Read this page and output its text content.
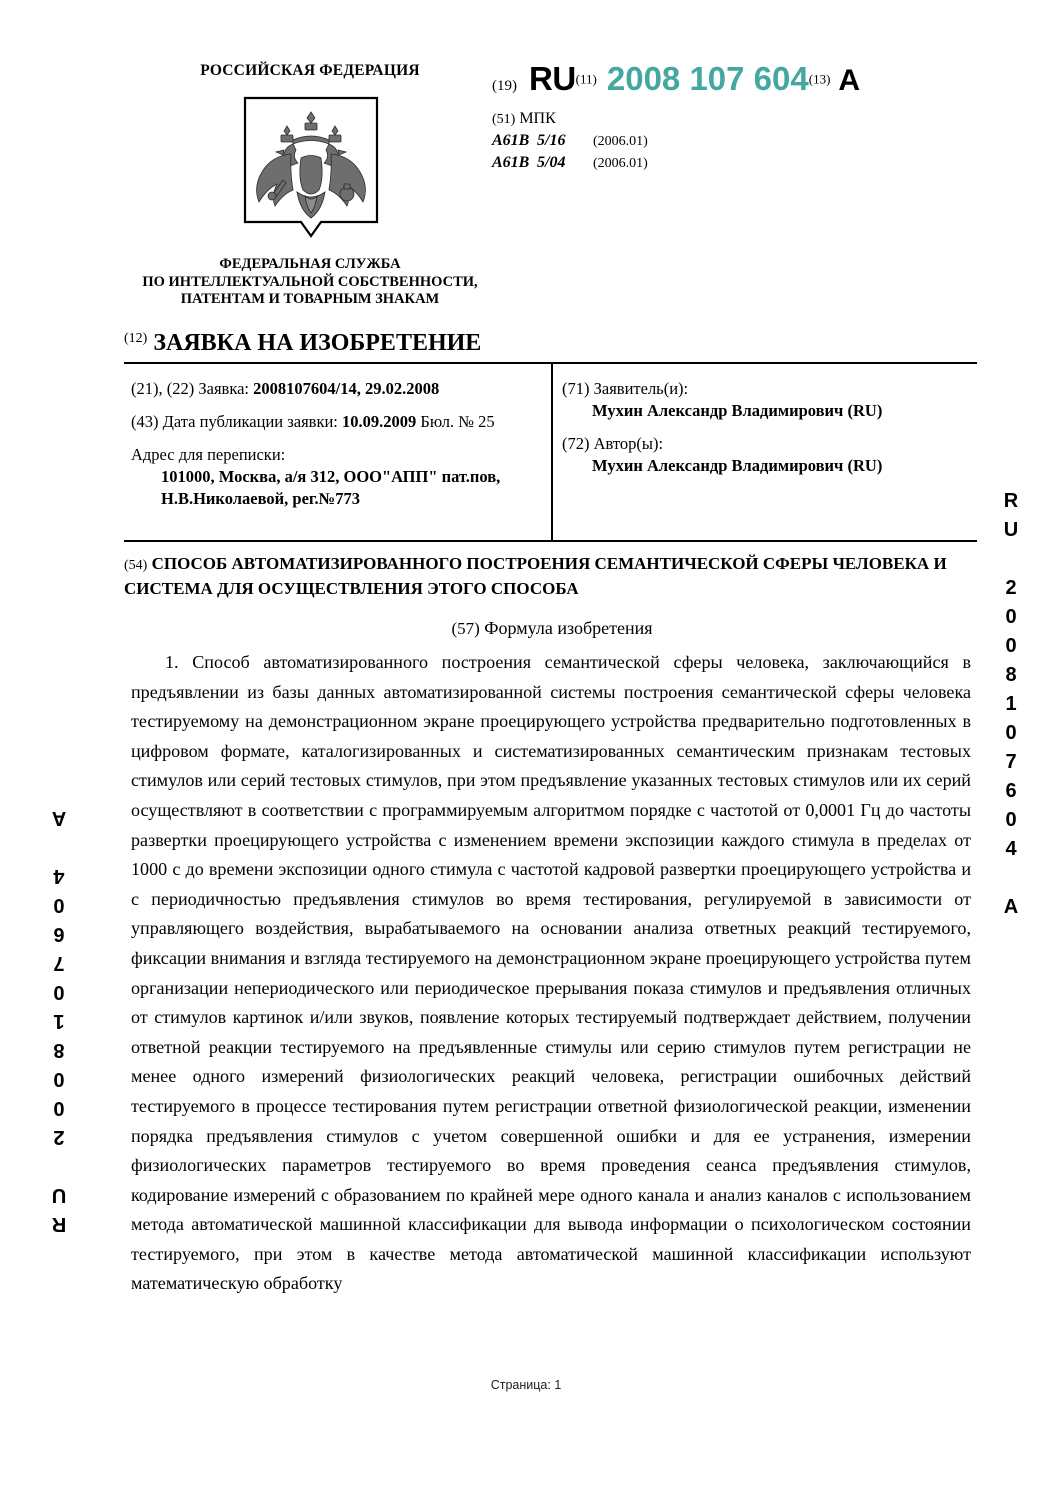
РОССИЙСКАЯ ФЕДЕРАЦИЯ
ФЕДЕРАЛЬНАЯ СЛУЖБА
ПО ИНТЕЛЛЕКТУАЛЬНОЙ СОБСТВЕННОСТИ,
ПАТЕНТАМ И ТОВАРНЫМ ЗНАКАМ
(19) RU$^{(11)}$ 2008 107 604$^{(13)}$ A
(51) МПК
A61B 5/16 (2006.01)
A61B 5/04 (2006.01)
$^{(12)}$ ЗАЯВКА НА ИЗОБРЕТЕНИЕ
(21), (22) Заявка: 2008107604/14, 29.02.2008
(43) Дата публикации заявки: 10.09.2009 Бюл. № 25
Адрес для переписки:
101000, Москва, а/я 312, ООО"АПП" пат.пов,
Н.В.Николаевой, рег.№773
(71) Заявитель(и):
Мухин Александр Владимирович (RU)
(72) Автор(ы):
Мухин Александр Владимирович (RU)
(54) СПОСОБ АВТОМАТИЗИРОВАННОГО ПОСТРОЕНИЯ СЕМАНТИЧЕСКОЙ СФЕРЫ ЧЕЛОВЕКА И СИСТЕМА ДЛЯ ОСУЩЕСТВЛЕНИЯ ЭТОГО СПОСОБА
(57) Формула изобретения

1. Способ автоматизированного построения семантической сферы человека, заключающийся в предъявлении из базы данных автоматизированной системы построения семантической сферы человека тестируемому на демонстрационном экране проецирующего устройства предварительно подготовленных в цифровом формате, каталогизированных и систематизированных семантическим признакам тестовых стимулов или серий тестовых стимулов, при этом предъявление указанных тестовых стимулов или их серий осуществляют в соответствии с программируемым алгоритмом порядке с частотой от 0,0001 Гц до частоты развертки проецирующего устройства с изменением времени экспозиции каждого стимула в пределах от 1000 с до времени экспозиции одного стимула с частотой кадровой развертки проецирующего устройства и с периодичностью предъявления стимулов во время тестирования, регулируемой в зависимости от управляющего воздействия, вырабатываемого на основании анализа ответных реакций тестируемого, фиксации внимания и взгляда тестируемого на демонстрационном экране проецирующего устройства путем организации непериодического или периодическое прерывания показа стимулов и предъявления отличных от стимулов картинок и/или звуков, появление которых тестируемый подтверждает действием, получении ответной реакции тестируемого на предъявленные стимулы или серию стимулов путем регистрации не менее одного измерений физиологических реакций человека, регистрации ошибочных действий тестируемого в процессе тестирования путем регистрации ответной физиологической реакции, изменении порядка предъявления стимулов с учетом совершенной ошибки и для ее устранения, измерении физиологических параметров тестируемого во время проведения сеанса предъявления стимулов, кодирование измерений с образованием по крайней мере одного канала и анализ каналов с использованием метода автоматической машинной классификации для вывода информации о психологическом состоянии тестируемого, при этом в качестве метода автоматической машинной классификации используют математическую обработку

RU 2008107604 A
RU 2008107604 A
Страница: 1
